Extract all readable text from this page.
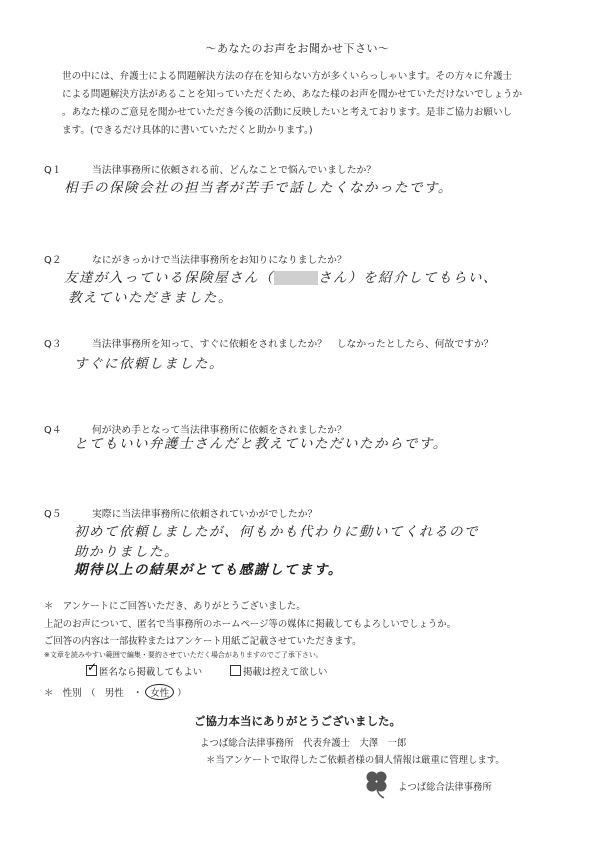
～あなたのお声をお聞かせ下さい～
世の中には、弁護士による問題解決方法の存在を知らない方が多くいらっしゃいます。その方々に弁護士
による問題解決方法があることを知っていただくため、あなた様のお声を聞かせていただけないでしょうか
。あなた様のご意見を聞かせていただき今後の活動に反映したいと考えております。是非ご協力お願いし
ます。(できるだけ具体的に書いていただくと助かります。)
Q１	当法律事務所に依頼される前、どんなことで悩んでいましたか？
相手の保険会社の担当者が苦手で話したくなかったです。
Q２	なにがきっかけで当法律事務所をお知りになりましたか？
友達が入っている保険屋さん（	さん）を紹介してもらい、
教えていただきました。
Q３	当法律事務所を知って、すぐに依頼をされましたか？　しなかったとしたら、何故ですか？
すぐに依頼しました。
Q４	何が決め手となって当法律事務所に依頼をされましたか？
とてもいい弁護士さんだと教えていただいたからです。
Q５	実際に当法律事務所に依頼されていかがでしたか？
初めて依頼しましたが、何もかも代わりに動いてくれるので
助かりました。
期待以上の結果がとても感謝してます。
＊　アンケートにご回答いただき、ありがとうございました。
上記のお声について、匿名で当事務所のホームページ等の媒体に掲載してもよろしいでしょうか。
ご回答の内容は一部抜粋またはアンケート用紙ご記載させていただきます。
※文章を読みやすい範囲で編集・要約させていただく場合がありますのでご了承下さい。
✓ 匿名なら掲載してもよい	掲載は控えて欲しい
＊　性別　（　男性　・ 女性 ）
ご協力本当にありがとうございました。
よつば総合法律事務所　代表弁護士　大澤　一郎
＊当アンケートで取得したご依頼者様の個人情報は厳重に管理します。
よつば総合法律事務所
